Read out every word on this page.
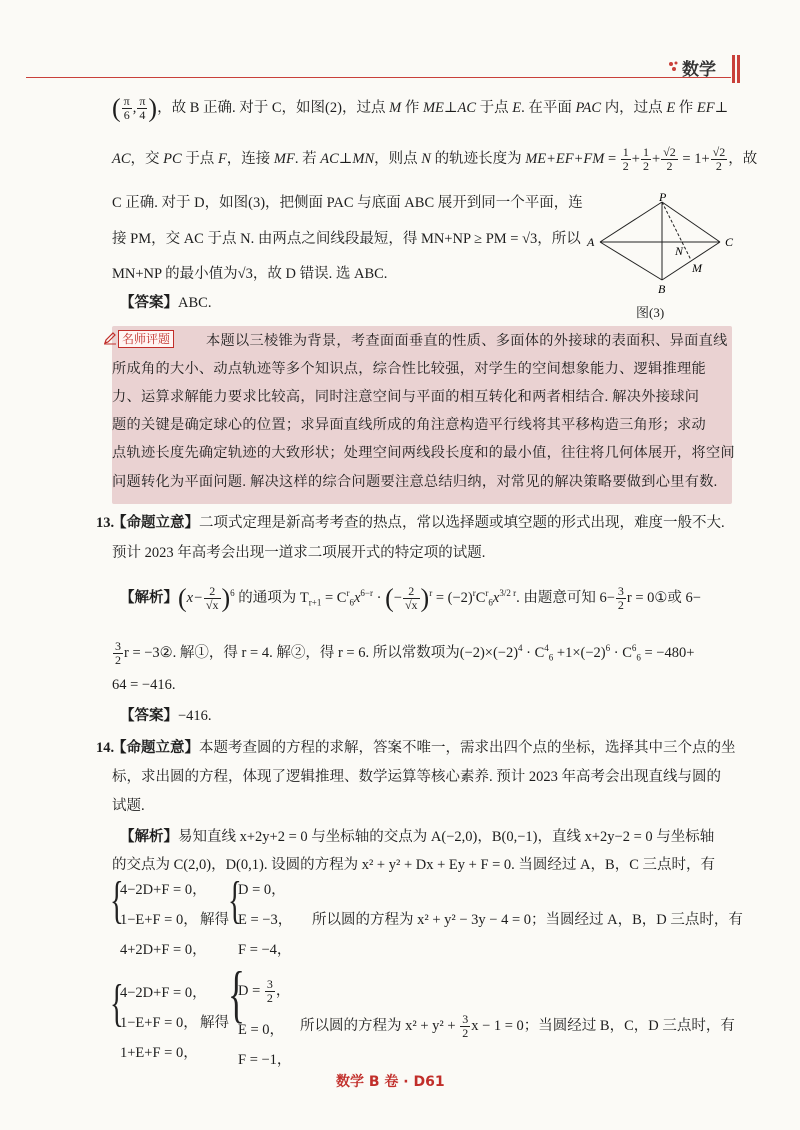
数学
( $\frac{\pi}{6}$ , $\frac{\pi}{4}$ )，故 B 正确. 对于 C，如图(2)，过点 M 作 ME⊥AC 于点 E. 在平面 PAC 内，过点 E 作 EF⊥
AC，交 PC 于点 F，连接 MF. 若 AC⊥MN，则点 N 的轨迹长度为 $ME+EF+FM = \frac{1}{2} + \frac{1}{2} + \frac{√2}{2} = 1+ \frac{√2}{2}$ ，故
C 正确. 对于 D，如图(3)，把侧面 PAC 与底面 ABC 展开到同一个平面，连
接 PM，交 AC 于点 N. 由两点之间线段最短，得 MN+NP ≥ PM = √3，所以
MN+NP 的最小值为√3，故 D 错误. 选 ABC.
【答案】ABC.
P
A	C
N
M
B
图(3)
名师评题	本题以三棱锥为背景，考查面面垂直的性质、多面体的外接球的表面积、异面直线
所成角的大小、动点轨迹等多个知识点，综合性比较强，对学生的空间想象能力、逻辑推理能
力、运算求解能力要求比较高，同时注意空间与平面的相互转化和两者相结合. 解决外接球问
题的关键是确定球心的位置；求异面直线所成的角注意构造平行线将其平移构造三角形；求动
点轨迹长度先确定轨迹的大致形状；处理空间两线段长度和的最小值，往往将几何体展开，将空间
问题转化为平面问题. 解决这样的综合问题要注意总结归纳，对常见的解决策略要做到心里有数.
13.
【命题立意】二项式定理是新高考考查的热点，常以选择题或填空题的形式出现，难度一般不大.
预计 2023 年高考会出现一道求二项展开式的特定项的试题.
【解析】$(x- \frac{2}{√x} )^6$ 的通项为 $T_{r+1} = C^r_6x^{6-r}$ · (− $\frac{2}{√x} )^r = (-2)^rC^r_6x^{3/2 r}$. 由题意可知 $6- \frac{3}{2}$ r = 0①或 6−
$\frac{3}{2}$ r = −3②. 解①，得 r = 4. 解②，得 r = 6. 所以常数项为$(-2)\times(-2)^4 \cdot C^4_6 +1\times(-2)^6 \cdot C^6_6 = -480+$
64 = −416.
【答案】−416.
14.
【命题立意】本题考查圆的方程的求解，答案不唯一，需求出四个点的坐标，选择其中三个点的坐
标，求出圆的方程，体现了逻辑推理、数学运算等核心素养. 预计 2023 年高考会出现直线与圆的
试题.
【解析】易知直线 x+2y+2 = 0 与坐标轴的交点为 A(−2,0)，B(0,−1)，直线 x+2y−2 = 0 与坐标轴
的交点为 C(2,0)，D(0,1). 设圆的方程为 x² + y² + Dx + Ey + F = 0. 当圆经过 A，B，C 三点时，有
{
4−2D+F = 0，
1−E+F = 0，
4+2D+F = 0，
解得 {
D = 0，
E = −3，
F = −4，
所以圆的方程为 x² + y² − 3y − 4 = 0；当圆经过 A，B，D 三点时，有
{
4−2D+F = 0，
1−E+F = 0，
1+E+F = 0，
解得 {
$D = \frac{3}{2}$ ，
E = 0，
F = −1，
所以圆的方程为 $x^2 + y^2 + \frac{3}{2}$ x − 1 = 0；当圆经过 B，C，D 三点时，有
数学 B 卷 · D61
